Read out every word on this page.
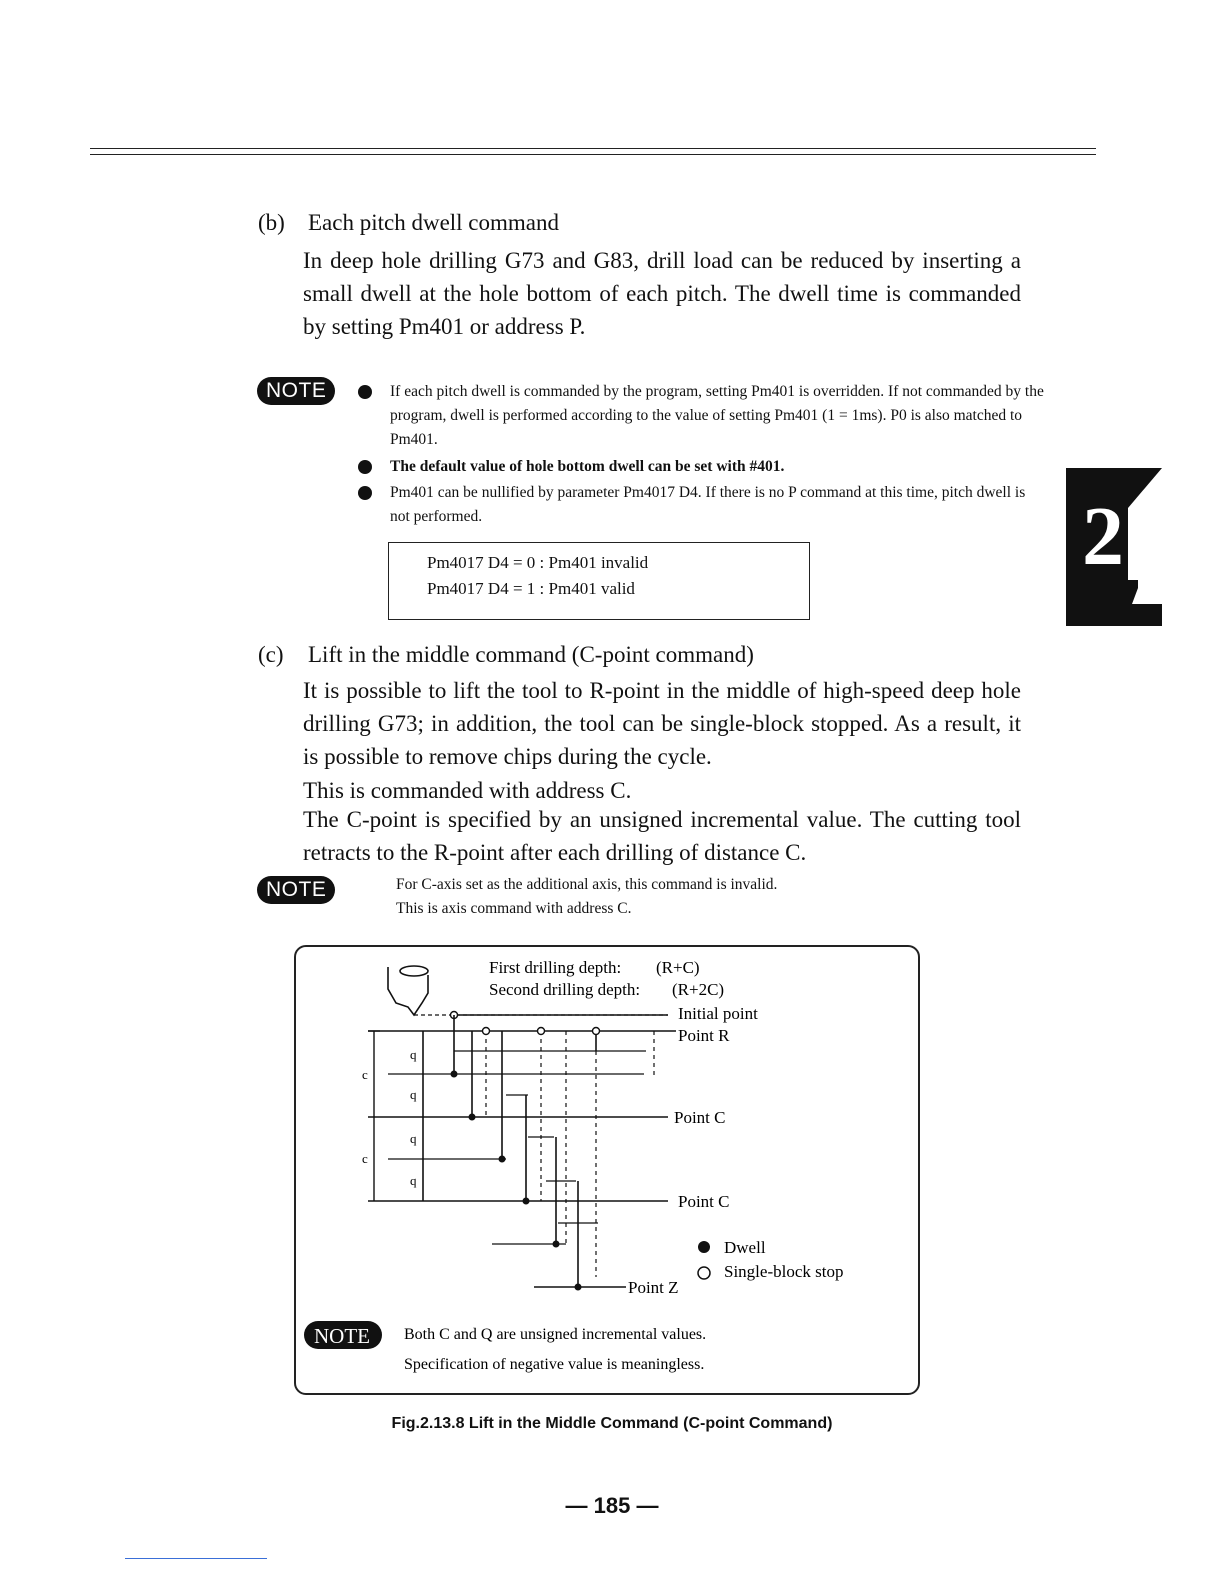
(b) Each pitch dwell command

In deep hole drilling G73 and G83, drill load can be reduced by inserting a small dwell at the hole bottom of each pitch. The dwell time is commanded by setting Pm401 or address P.

NOTE	If each pitch dwell is commanded by the program, setting Pm401 is overridden. If not commanded by the program, dwell is performed according to the value of setting Pm401 (1 = 1ms). P0 is also matched to Pm401.

The default value of hole bottom dwell can be set with #401.

Pm401 can be nullified by parameter Pm4017 D4. If there is no P command at this time, pitch dwell is not performed.

Pm4017 D4 = 0 : Pm401 invalid
Pm4017 D4 = 1 : Pm401 valid
2
(c) Lift in the middle command (C-point command)

It is possible to lift the tool to R-point in the middle of high-speed deep hole drilling G73; in addition, the tool can be single-block stopped. As a result, it is possible to remove chips during the cycle.

This is commanded with address C.

The C-point is specified by an unsigned incremental value. The cutting tool retracts to the R-point after each drilling of distance C.

NOTE	For C-axis set as the additional axis, this command is invalid.
This is axis command with address C.
c
c
q
q
q
q
First drilling depth: (R+C)
Second drilling depth: (R+2C)
Initial point
Point R
Point C
Point C
Point Z
Dwell
Single-block stop
NOTE Both C and Q are unsigned incremental values.
Specification of negative value is meaningless.
Fig.2.13.8 Lift in the Middle Command (C-point Command)
— 185 —
